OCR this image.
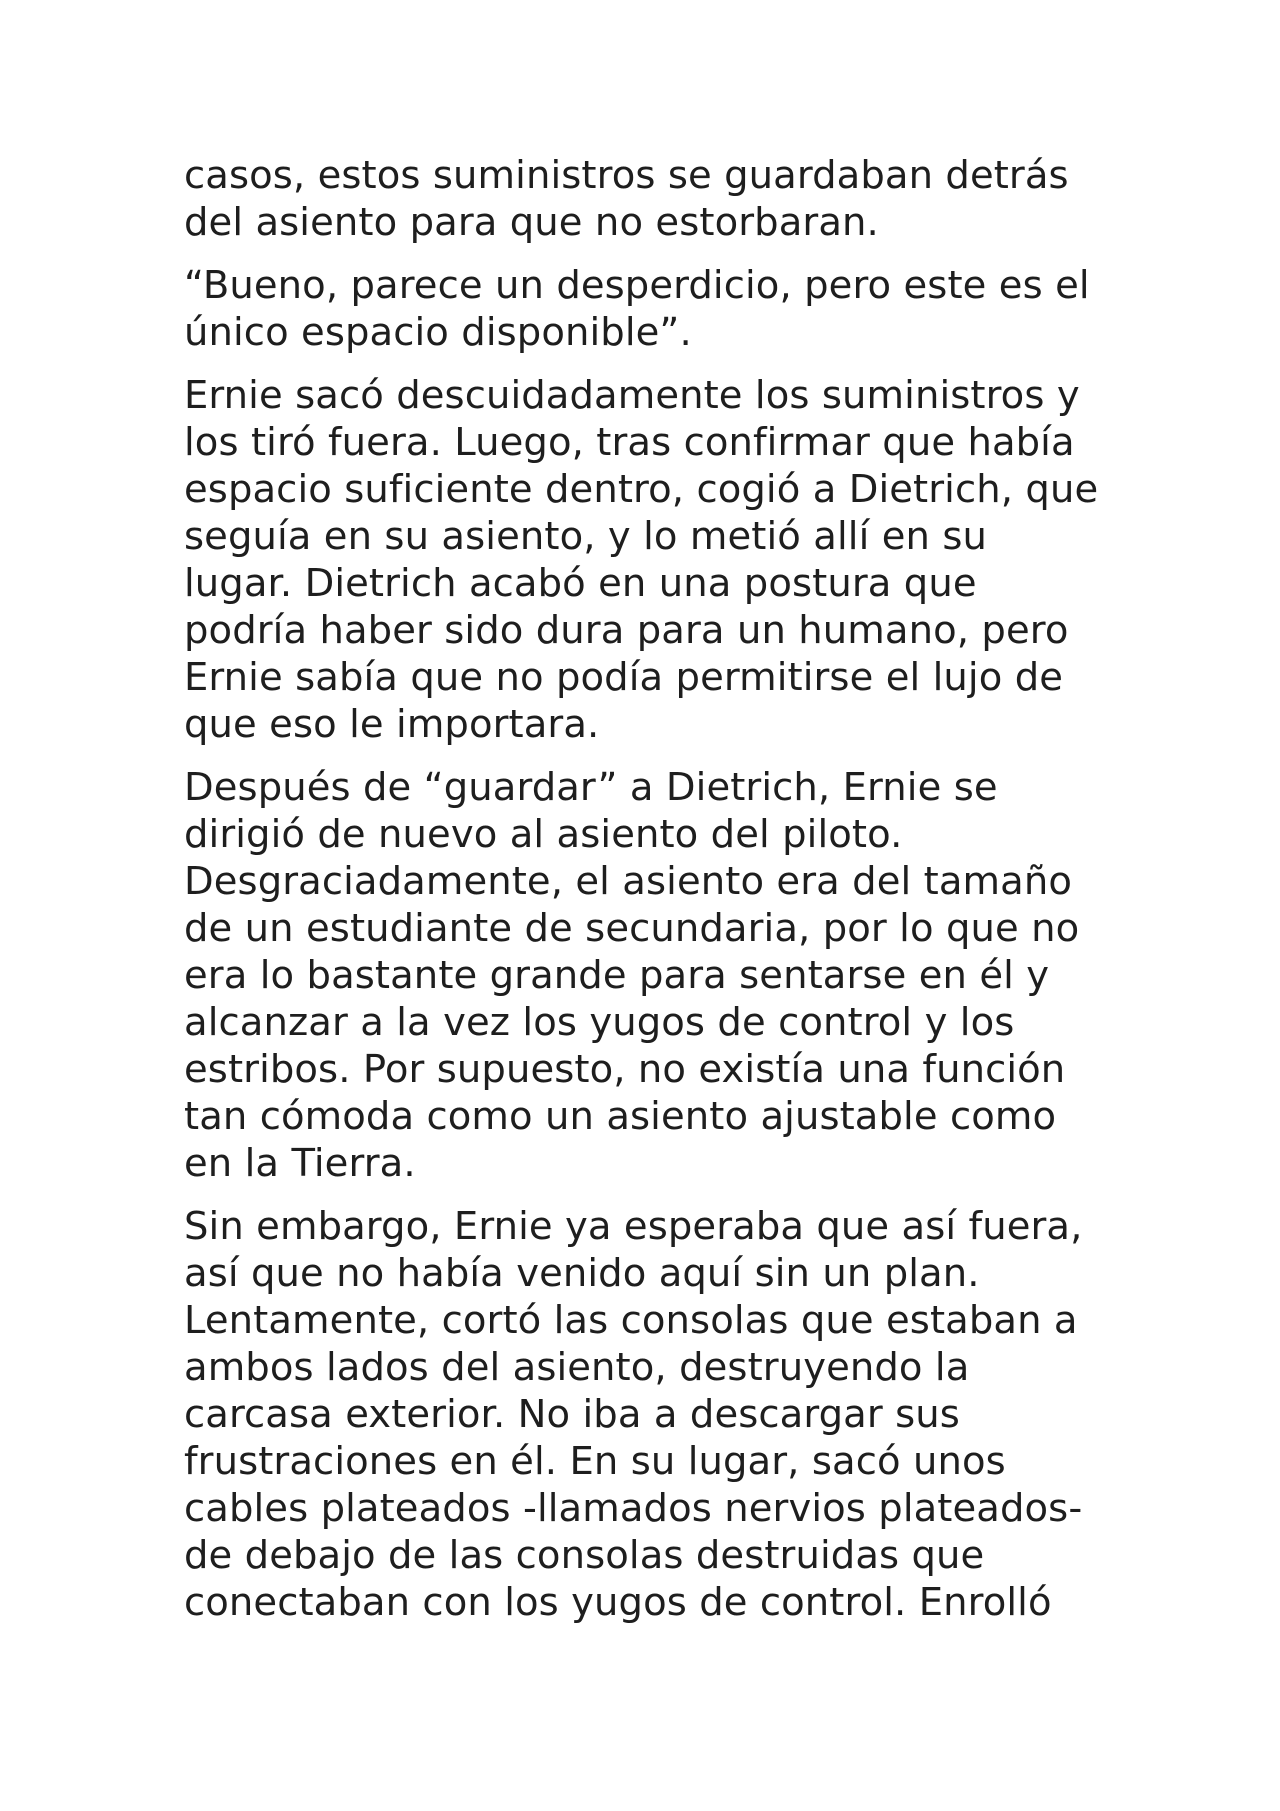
casos, estos suministros se guardaban detrás
del asiento para que no estorbaran.

“Bueno, parece un desperdicio, pero este es el
único espacio disponible”.

Ernie sacó descuidadamente los suministros y
los tiró fuera. Luego, tras confirmar que había
espacio suficiente dentro, cogió a Dietrich, que
seguía en su asiento, y lo metió allí en su
lugar. Dietrich acabó en una postura que
podría haber sido dura para un humano, pero
Ernie sabía que no podía permitirse el lujo de
que eso le importara.

Después de “guardar” a Dietrich, Ernie se
dirigió de nuevo al asiento del piloto.
Desgraciadamente, el asiento era del tamaño
de un estudiante de secundaria, por lo que no
era lo bastante grande para sentarse en él y
alcanzar a la vez los yugos de control y los
estribos. Por supuesto, no existía una función
tan cómoda como un asiento ajustable como
en la Tierra.

Sin embargo, Ernie ya esperaba que así fuera,
así que no había venido aquí sin un plan.
Lentamente, cortó las consolas que estaban a
ambos lados del asiento, destruyendo la
carcasa exterior. No iba a descargar sus
frustraciones en él. En su lugar, sacó unos
cables plateados -llamados nervios plateados-
de debajo de las consolas destruidas que
conectaban con los yugos de control. Enrolló
